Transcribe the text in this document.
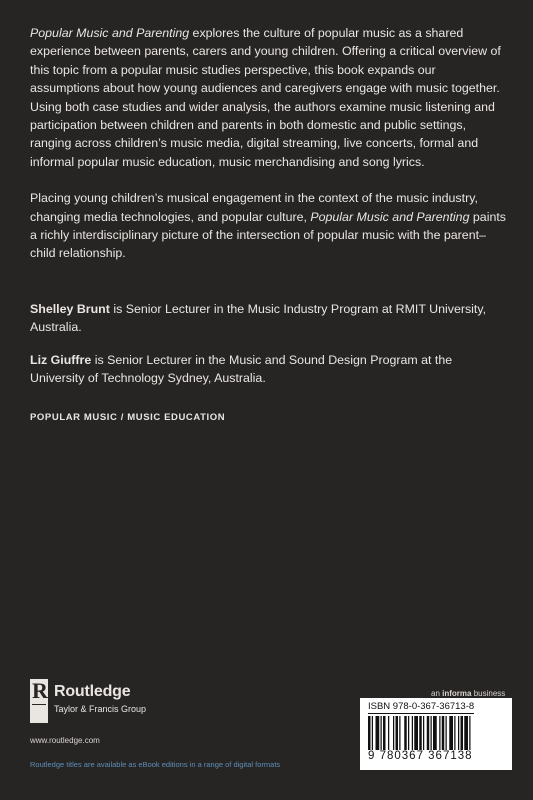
Popular Music and Parenting explores the culture of popular music as a shared experience between parents, carers and young children. Offering a critical overview of this topic from a popular music studies perspective, this book expands our assumptions about how young audiences and caregivers engage with music together. Using both case studies and wider analysis, the authors examine music listening and participation between children and parents in both domestic and public settings, ranging across children’s music media, digital streaming, live concerts, formal and informal popular music education, music merchandising and song lyrics.

Placing young children’s musical engagement in the context of the music industry, changing media technologies, and popular culture, Popular Music and Parenting paints a richly interdisciplinary picture of the intersection of popular music with the parent–child relationship.

Shelley Brunt is Senior Lecturer in the Music Industry Program at RMIT University, Australia.

Liz Giuffre is Senior Lecturer in the Music and Sound Design Program at the University of Technology Sydney, Australia.

POPULAR MUSIC / MUSIC EDUCATION
R Routledge
Taylor & Francis Group
www.routledge.com
Routledge titles are available as eBook editions in a range of digital formats
an informa business
ISBN 978-0-367-36713-8
9 780367 367138
